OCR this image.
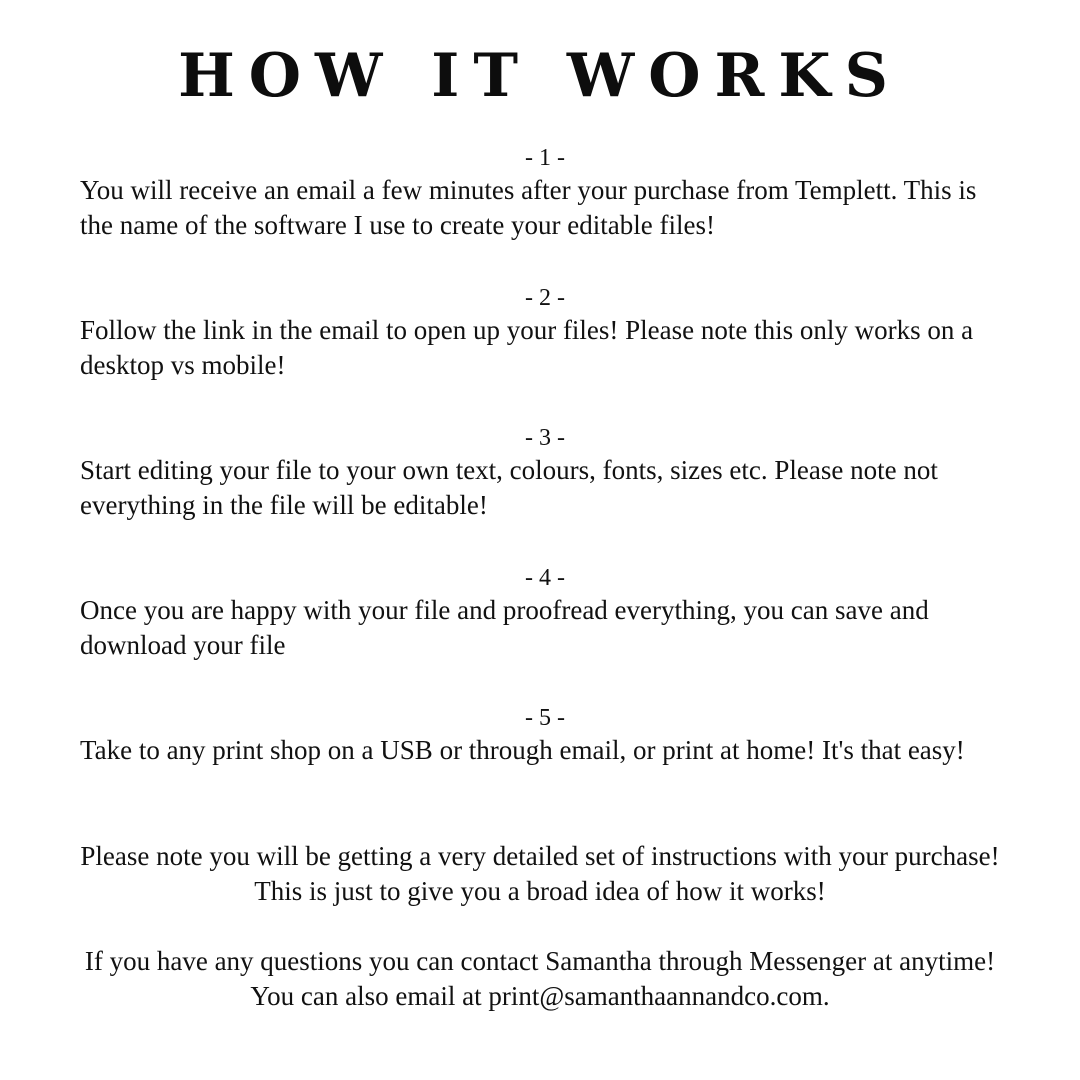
HOW IT WORKS

- 1 -

You will receive an email a few minutes after your purchase from Templett. This is the name of the software I use to create your editable files!

- 2 -

Follow the link in the email to open up your files! Please note this only works on a desktop vs mobile!

- 3 -

Start editing your file to your own text, colours, fonts, sizes etc. Please note not everything in the file will be editable!

- 4 -

Once you are happy with your file and proofread everything, you can save and download your file

- 5 -

Take to any print shop on a USB or through email, or print at home! It's that easy!

Please note you will be getting a very detailed set of instructions with your purchase! This is just to give you a broad idea of how it works!

If you have any questions you can contact Samantha through Messenger at anytime! You can also email at print@samanthaannandco.com.
